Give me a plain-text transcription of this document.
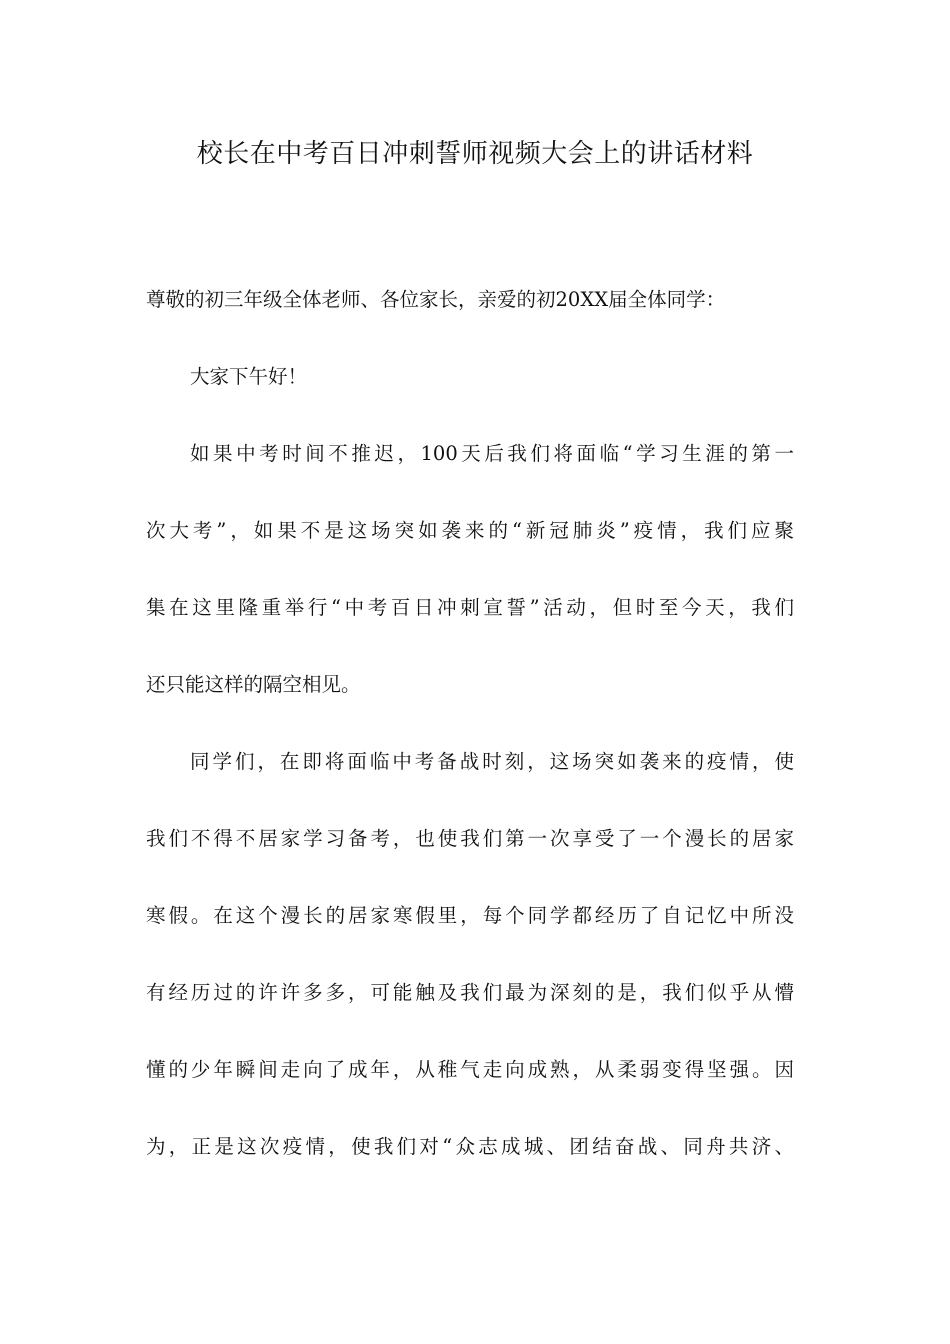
校长在中考百日冲刺誓师视频大会上的讲话材料

尊敬的初三年级全体老师、各位家长，亲爱的初20XX届全体同学：

大家下午好！

如果中考时间不推迟，100天后我们将面临“学习生涯的第一

次大考”，如果不是这场突如袭来的“新冠肺炎”疫情，我们应聚

集在这里隆重举行“中考百日冲刺宣誓”活动，但时至今天，我们

还只能这样的隔空相见。

同学们，在即将面临中考备战时刻，这场突如袭来的疫情，使

我们不得不居家学习备考，也使我们第一次享受了一个漫长的居家

寒假。在这个漫长的居家寒假里，每个同学都经历了自记忆中所没

有经历过的许许多多，可能触及我们最为深刻的是，我们似乎从懵

懂的少年瞬间走向了成年，从稚气走向成熟，从柔弱变得坚强。因

为，正是这次疫情，使我们对“众志成城、团结奋战、同舟共济、
